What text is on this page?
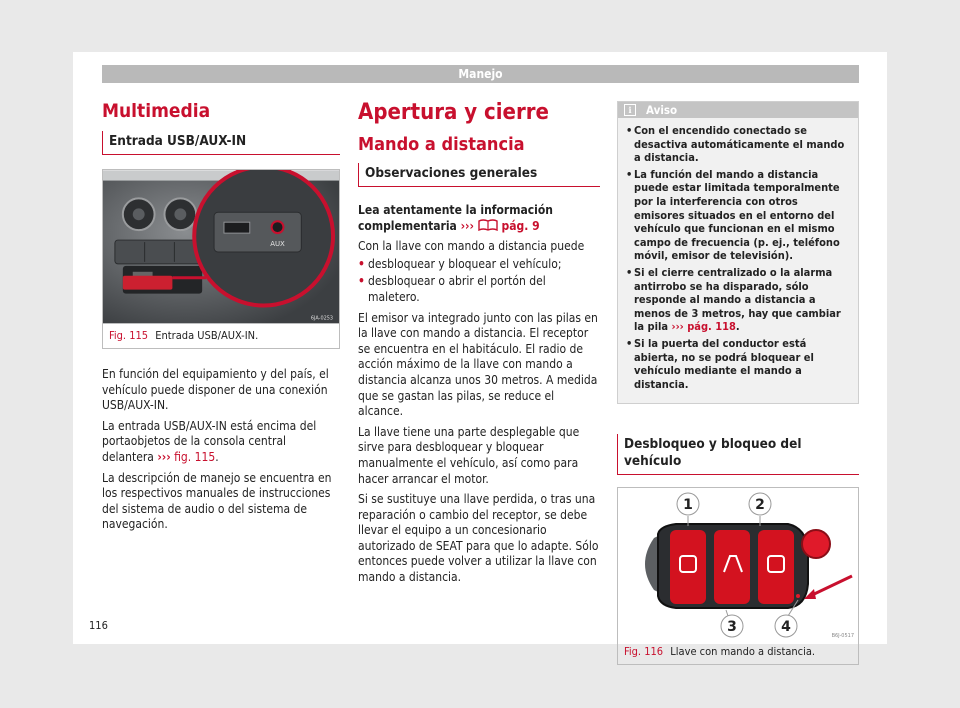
Manejo
Multimedia
Entrada USB/AUX-IN
AUX
6JA-0253
Fig. 115 Entrada USB/AUX-IN.

En función del equipamiento y del país, el vehículo puede disponer de una conexión USB/AUX-IN.

La entrada USB/AUX-IN está encima del portaobjetos de la consola central delantera ››› fig. 115.

La descripción de manejo se encuentra en los respectivos manuales de instrucciones del sistema de audio o del sistema de navegación.

Apertura y cierre
Mando a distancia
Observaciones generales

Lea atentamente la información complementaria ››› pág. 9

Con la llave con mando a distancia puede

• desbloquear y bloquear el vehículo;

• desbloquear o abrir el portón del maletero.

El emisor va integrado junto con las pilas en la llave con mando a distancia. El receptor se encuentra en el habitáculo. El radio de acción máximo de la llave con mando a distancia alcanza unos 30 metros. A medida que se gastan las pilas, se reduce el alcance.

La llave tiene una parte desplegable que sirve para desbloquear y bloquear manualmente el vehículo, así como para hacer arrancar el motor.

Si se sustituye una llave perdida, o tras una reparación o cambio del receptor, se debe llevar el equipo a un concesionario autorizado de SEAT para que lo adapte. Sólo entonces puede volver a utilizar la llave con mando a distancia.

i	Aviso

• Con el encendido conectado se desactiva automáticamente el mando a distancia.

• La función del mando a distancia puede estar limitada temporalmente por la interferencia con otros emisores situados en el entorno del vehículo que funcionan en el mismo campo de frecuencia (p. ej., teléfono móvil, emisor de televisión).

• Si el cierre centralizado o la alarma antirrobo se ha disparado, sólo responde al mando a distancia a menos de 3 metros, hay que cambiar la pila ››› pág. 118.

• Si la puerta del conductor está abierta, no se podrá bloquear el vehículo mediante el mando a distancia.

Desbloqueo y bloqueo del vehículo
1	2
3	4
B6J-0517
Fig. 116 Llave con mando a distancia.
116
